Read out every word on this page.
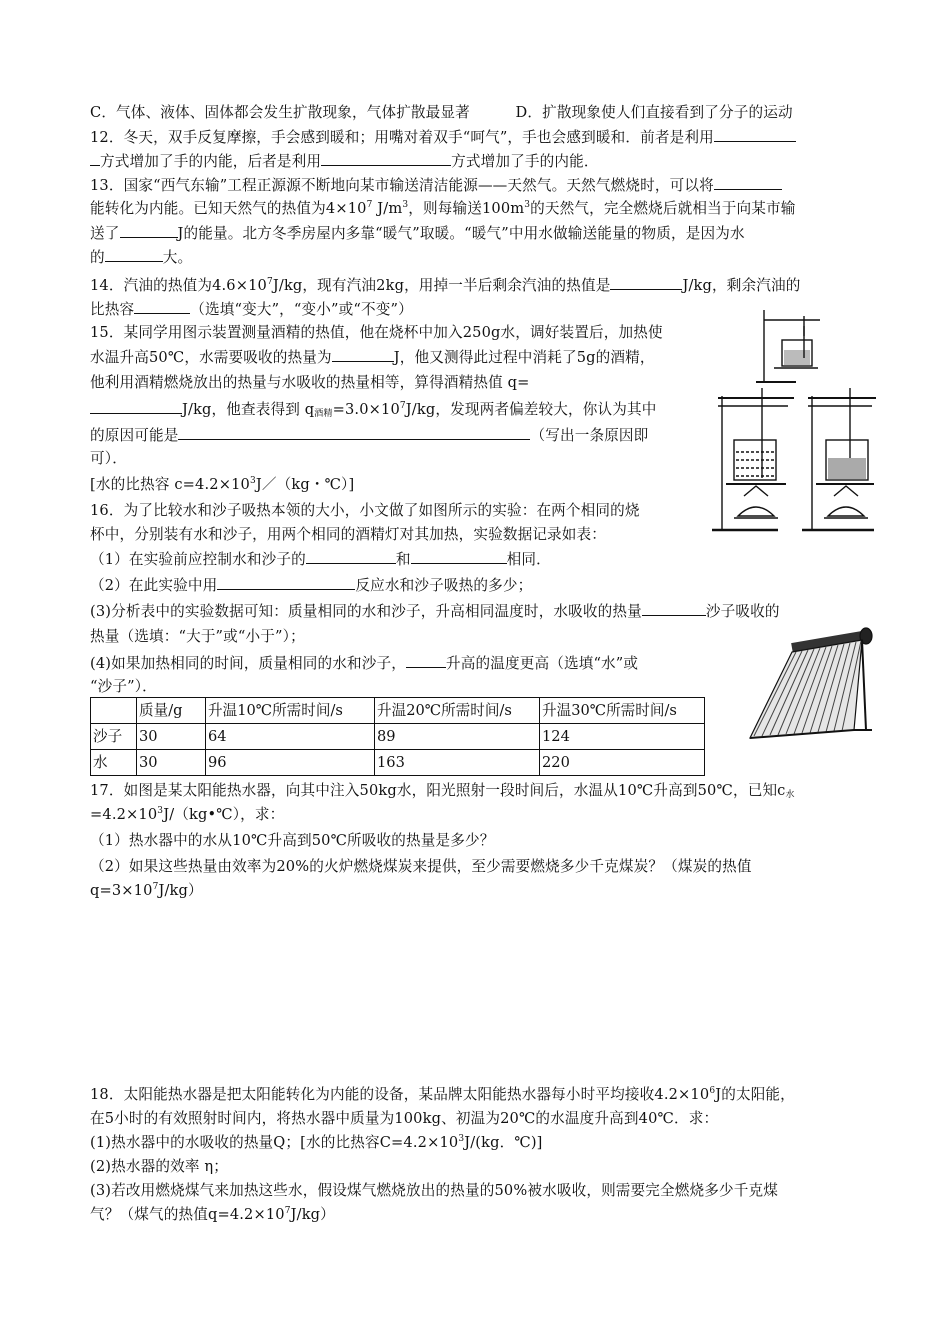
C．气体、液体、固体都会发生扩散现象，气体扩散最显著	D．扩散现象使人们直接看到了分子的运动
12．冬天，双手反复摩擦，手会感到暖和；用嘴对着双手“呵气”，手也会感到暖和．前者是利用
方式增加了手的内能，后者是利用	方式增加了手的内能．
13．国家“西气东输”工程正源源不断地向某市输送清洁能源——天然气。天然气燃烧时，可以将
能转化为内能。已知天然气的热值为$4\times 10^7$ $J/m^3$，则每输送$100m^3$的天然气，完全燃烧后就相当于向某市输
送了	J的能量。北方冬季房屋内多靠“暖气”取暖。“暖气”中用水做输送能量的物质，是因为水
的	大。
14．汽油的热值为$4.6\times 10^7J/kg$，现有汽油2kg，用掉一半后剩余汽油的热值是	J/kg，剩余汽油的
比热容	（选填“变大”，“变小”或“不变”）
15．某同学用图示装置测量酒精的热值，他在烧杯中加入250g水，调好装置后，加热使
水温升高50℃，水需要吸收的热量为	J，他又测得此过程中消耗了5g的酒精，
他利用酒精燃烧放出的热量与水吸收的热量相等，算得酒精热值 q=
J/kg，他查表得到 $q_{酒精}=3.0\times 10^7J/kg$，发现两者偏差较大，你认为其中
的原因可能是	（写出一条原因即
可）．
[水的比热容 $c=4.2\times 10^3J/(kg$・℃）]
16．为了比较水和沙子吸热本领的大小，小文做了如图所示的实验：在两个相同的烧
杯中，分别装有水和沙子，用两个相同的酒精灯对其加热，实验数据记录如表：
（1）在实验前应控制水和沙子的	和	相同．
（2）在此实验中用	反应水和沙子吸热的多少；
(3)分析表中的实验数据可知：质量相同的水和沙子，升高相同温度时，水吸收的热量	沙子吸收的
热量（选填：“大于”或“小于”）；
(4)如果加热相同的时间，质量相同的水和沙子，	升高的温度更高（选填“水”或
“沙子”）．
	质量/g	升温10℃所需时间/s	升温20℃所需时间/s	升温30℃所需时间/s
沙子	30	64	89	124
水	30	96	163	220
17．如图是某太阳能热水器，向其中注入50kg水，阳光照射一段时间后，水温从10℃升高到50℃，已知$c_水$
$=4.2\times 10^3J/(kg•℃)$，求：
（1）热水器中的水从10℃升高到50℃所吸收的热量是多少？
（2）如果这些热量由效率为20%的火炉燃烧煤炭来提供，至少需要燃烧多少千克煤炭？（煤炭的热值
$q=3\times 10^7J/kg$）
18．太阳能热水器是把太阳能转化为内能的设备，某品牌太阳能热水器每小时平均接收$4.2\times 10^6J$的太阳能，
在5小时的有效照射时间内，将热水器中质量为100kg、初温为20℃的水温度升高到40℃．求：
(1)热水器中的水吸收的热量Q；[水的比热容$C=4.2\times 10^3J/(kg$．℃)]
(2)热水器的效率 η；
(3)若改用燃烧煤气来加热这些水，假设煤气燃烧放出的热量的50%被水吸收，则需要完全燃烧多少千克煤
气？（煤气的热值$q=4.2\times 10^7J/kg$）
